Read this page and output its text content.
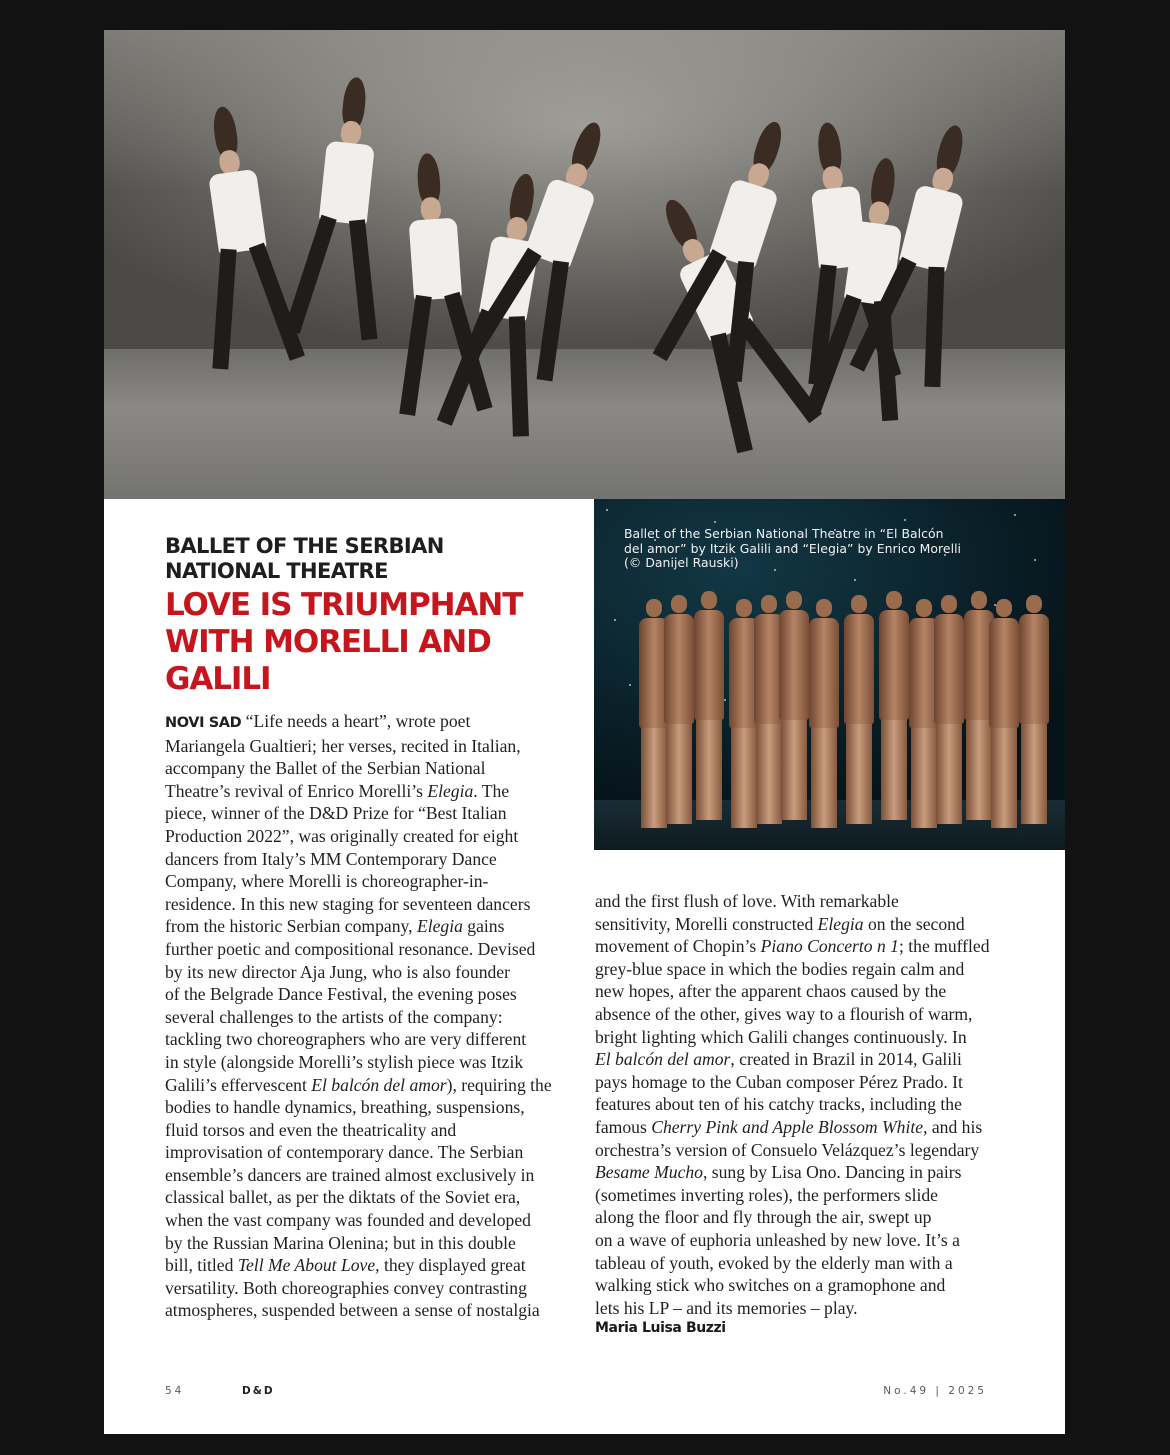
Ballet of the Serbian National Theatre in “El Balcón
del amor” by Itzik Galili and “Elegia” by Enrico Morelli
(© Danijel Rauski)

BALLET OF THE SERBIAN
NATIONAL THEATRE
LOVE IS TRIUMPHANT
WITH MORELLI AND
GALILI
NOVI SAD “Life needs a heart”, wrote poet
Mariangela Gualtieri; her verses, recited in Italian,
accompany the Ballet of the Serbian National
Theatre’s revival of Enrico Morelli’s Elegia. The
piece, winner of the D&D Prize for “Best Italian
Production 2022”, was originally created for eight
dancers from Italy’s MM Contemporary Dance
Company, where Morelli is choreographer-in-
residence. In this new staging for seventeen dancers
from the historic Serbian company, Elegia gains
further poetic and compositional resonance. Devised
by its new director Aja Jung, who is also founder
of the Belgrade Dance Festival, the evening poses
several challenges to the artists of the company:
tackling two choreographers who are very different
in style (alongside Morelli’s stylish piece was Itzik
Galili’s effervescent El balcón del amor), requiring the
bodies to handle dynamics, breathing, suspensions,
fluid torsos and even the theatricality and
improvisation of contemporary dance. The Serbian
ensemble’s dancers are trained almost exclusively in
classical ballet, as per the diktats of the Soviet era,
when the vast company was founded and developed
by the Russian Marina Olenina; but in this double
bill, titled Tell Me About Love, they displayed great
versatility. Both choreographies convey contrasting
atmospheres, suspended between a sense of nostalgia
and the first flush of love. With remarkable
sensitivity, Morelli constructed Elegia on the second
movement of Chopin’s Piano Concerto n 1; the muffled
grey-blue space in which the bodies regain calm and
new hopes, after the apparent chaos caused by the
absence of the other, gives way to a flourish of warm,
bright lighting which Galili changes continuously. In
El balcón del amor, created in Brazil in 2014, Galili
pays homage to the Cuban composer Pérez Prado. It
features about ten of his catchy tracks, including the
famous Cherry Pink and Apple Blossom White, and his
orchestra’s version of Consuelo Velázquez’s legendary
Besame Mucho, sung by Lisa Ono. Dancing in pairs
(sometimes inverting roles), the performers slide
along the floor and fly through the air, swept up
on a wave of euphoria unleashed by new love. It’s a
tableau of youth, evoked by the elderly man with a
walking stick who switches on a gramophone and
lets his LP – and its memories – play.
Maria Luisa Buzzi
54	D&D	No.49 | 2025
